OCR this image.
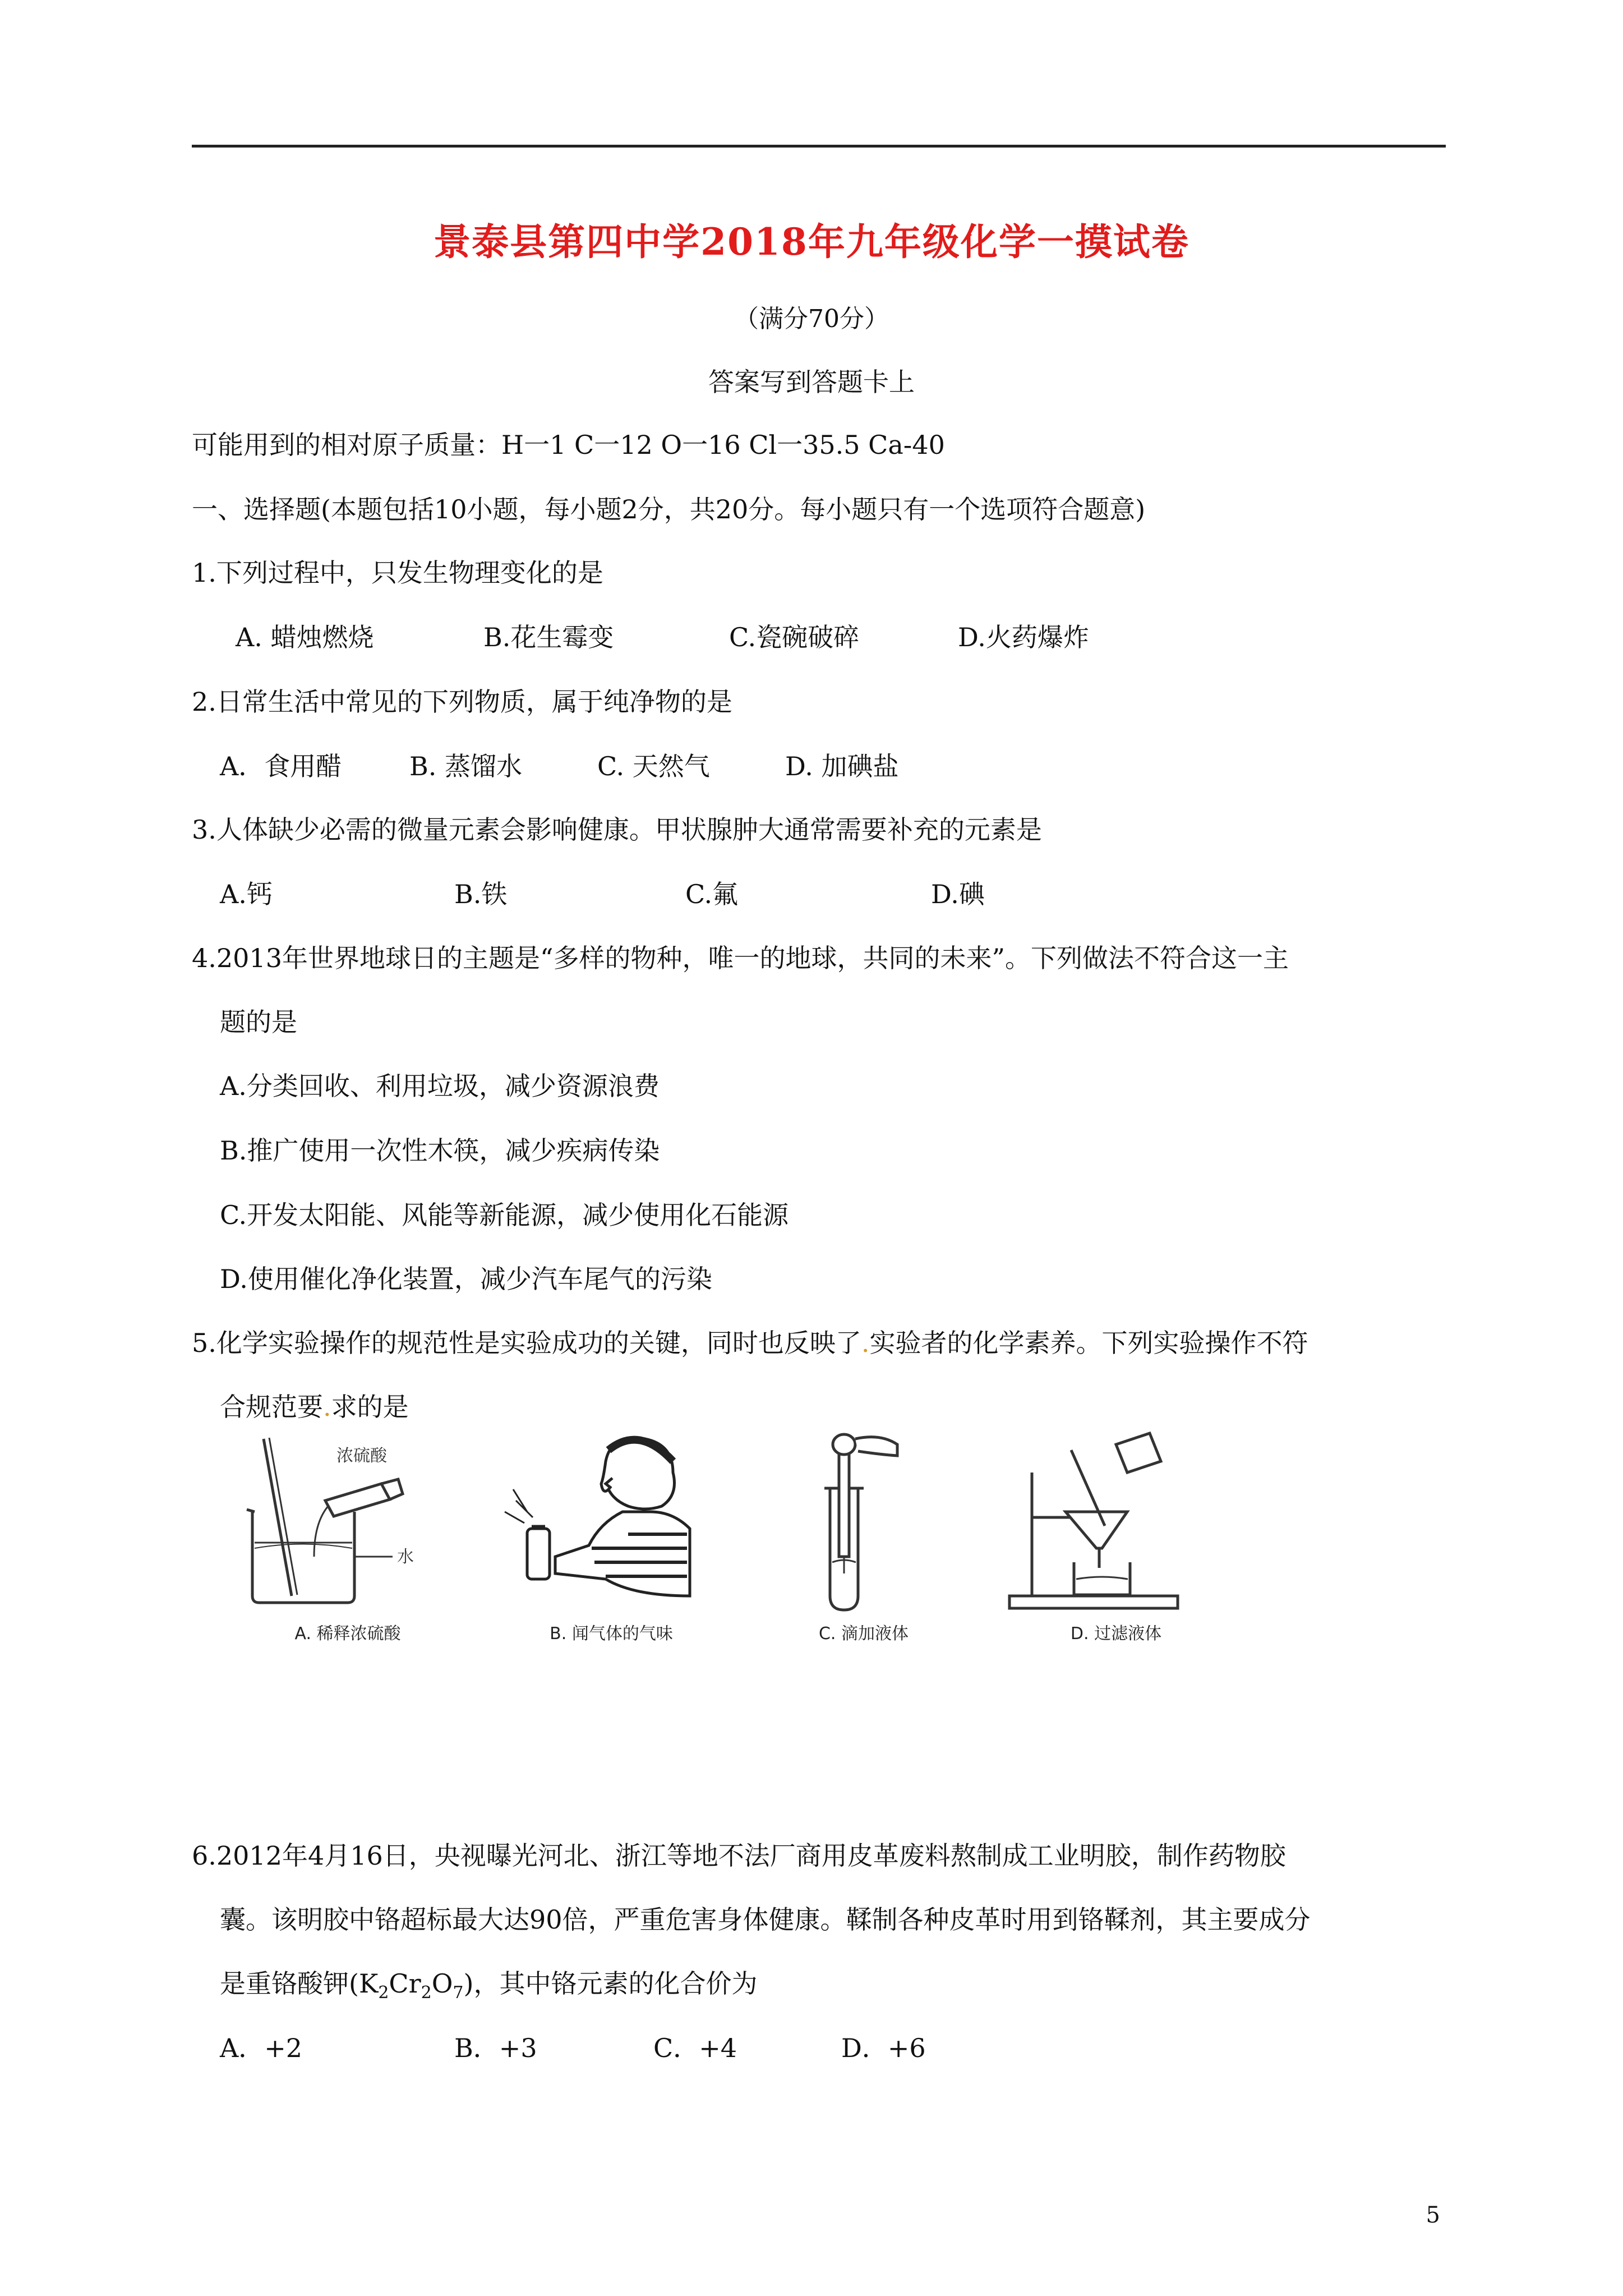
景泰县第四中学2018年九年级化学一摸试卷
（满分70分）
答案写到答题卡上
可能用到的相对原子质量：H一1 C一12 O一16 Cl一35.5 Ca-40
一、选择题(本题包括10小题，每小题2分，共20分。每小题只有一个选项符合题意)
1.下列过程中，只发生物理变化的是
A. 蜡烛燃烧	B.花生霉变	C.瓷碗破碎	D.火药爆炸
2.日常生活中常见的下列物质，属于纯净物的是
A．食用醋	B. 蒸馏水	C. 天然气	D. 加碘盐
3.人体缺少必需的微量元素会影响健康。甲状腺肿大通常需要补充的元素是
A.钙	B.铁	C.氟	D.碘
4.2013年世界地球日的主题是“多样的物种，唯一的地球，共同的未来”。下列做法不符合这一主
题的是
A.分类回收、利用垃圾，减少资源浪费
B.推广使用一次性木筷，减少疾病传染
C.开发太阳能、风能等新能源，减少使用化石能源
D.使用催化净化装置，减少汽车尾气的污染
5.化学实验操作的规范性是实验成功的关键，同时也反映了.实验者的化学素养。下列实验操作不符
合规范要.求的是
浓硫酸
水
A. 稀释浓硫酸	B. 闻气体的气味	C. 滴加液体	D. 过滤液体
6.2012年4月16日，央视曝光河北、浙江等地不法厂商用皮革废料熬制成工业明胶，制作药物胶
囊。该明胶中铬超标最大达90倍，严重危害身体健康。鞣制各种皮革时用到铬鞣剂，其主要成分
是重铬酸钾$(K_2Cr_2O_7)$，其中铬元素的化合价为
A．+2	B．+3	C．+4	D．+6
5
